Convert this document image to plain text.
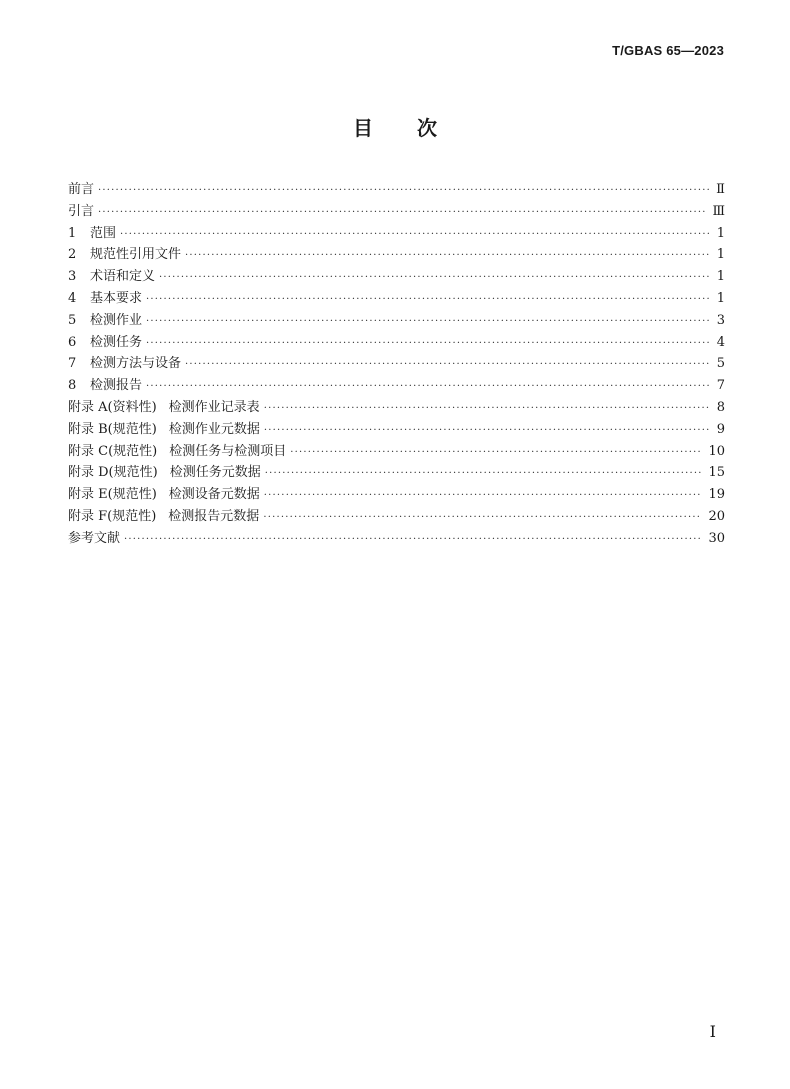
T/GBAS 65—2023

目次
前言 ·····	Ⅱ
引言 ·····	Ⅲ
1	范围 ·····	1
2	规范性引用文件 ·····	1
3	术语和定义 ·····	1
4	基本要求 ·····	1
5	检测作业 ·····	3
6	检测任务 ·····	4
7	检测方法与设备 ·····	5
8	检测报告 ·····	7
附录 A(资料性) 检测作业记录表 ·····	8
附录 B(规范性) 检测作业元数据 ·····	9
附录 C(规范性) 检测任务与检测项目 ·····	10
附录 D(规范性) 检测任务元数据 ·····	15
附录 E(规范性) 检测设备元数据 ·····	19
附录 F(规范性) 检测报告元数据 ·····	20
参考文献 ·····	30

I
